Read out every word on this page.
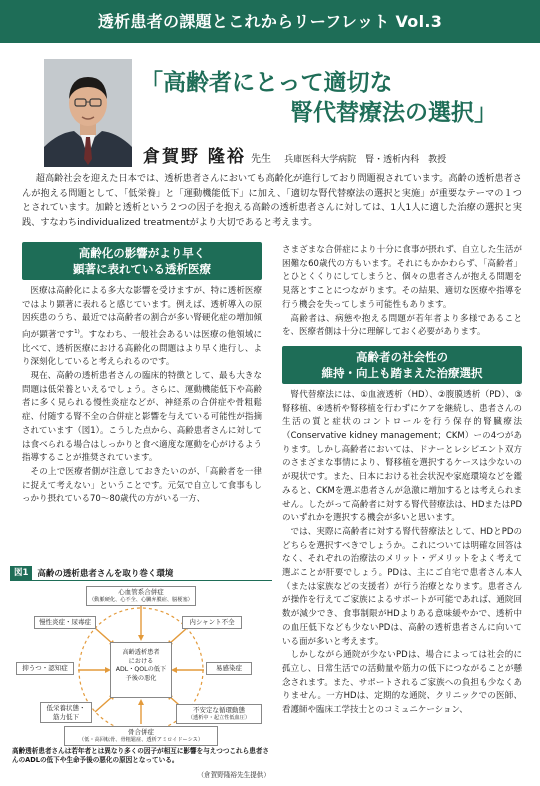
透析患者の課題とこれからリーフレット Vol.3
「高齢者にとって適切な
腎代替療法の選択」
倉賀野 隆裕 先生 兵庫医科大学病院　腎・透析内科　教授

超高齢社会を迎えた日本では、透析患者さんにおいても高齢化が進行しており問題視されています。高齢の透析患者さんが抱える問題として、「低栄養」と「運動機能低下」に加え、「適切な腎代替療法の選択と実施」が重要なテーマの１つとされています。加齢と透析という２つの因子を抱える高齢の透析患者さんに対しては、1人1人に適した治療の選択と実践、すなわちindividualized treatmentがより大切であると考えます。

高齢化の影響がより早く
顕著に表れている透析医療

医療は高齢化による多大な影響を受けますが、特に透析医療ではより顕著に表れると感じています。例えば、透析導入の原因疾患のうち、最近では高齢者の割合が多い腎硬化症の増加傾向が顕著です$^{1)}$。すなわち、一般社会あるいは医療の他領域に比べて、透析医療における高齢化の問題はより早く進行し、より深刻化していると考えられるのです。

現在、高齢の透析患者さんの臨床的特徴として、最も大きな問題は低栄養といえるでしょう。さらに、運動機能低下や高齢者に多く見られる慢性炎症などが、神経系の合併症や骨粗鬆症、付随する腎不全の合併症と影響を与えている可能性が指摘されています（図1）。こうした点から、高齢患者さんに対しては食べられる場合はしっかりと食べ適度な運動を心がけるよう指導することが推奨されています。

その上で医療者側が注意しておきたいのが、「高齢者を一律に捉えて考えない」ということです。元気で自立して食事もしっかり摂れている70〜80歳代の方がいる一方、

図1	高齢の透析患者さんを取り巻く環境
心血管系合併症
（動脈硬化、心不全、心臓弁膜症、脳梗塞）
慢性炎症・尿毒症	内シャント不全
抑うつ・認知症	易感染症
低栄養状態・
筋力低下
不安定な循環動態
（透析中・起立性低血圧）
骨合併症
（低・高回転骨、骨粗鬆症、透析アミロイドーシス）
高齢透析患者
における
ADL・QOLの低下
予後の悪化
高齢透析患者さんは若年者とは異なり多くの因子が相互に影響を与えつつこれら患者さんのADLの低下や生命予後の悪化の原因となっている。
（倉賀野隆裕先生提供）

さまざまな合併症により十分に食事が摂れず、自立した生活が困難な60歳代の方もいます。それにもかかわらず、「高齢者」とひとくくりにしてしまうと、個々の患者さんが抱える問題を見落とすことにつながります。その結果、適切な医療や指導を行う機会を失ってしまう可能性もあります。

高齢者は、病態や抱える問題が若年者より多様であることを、医療者側は十分に理解しておく必要があります。

高齢者の社会性の
維持・向上も踏まえた治療選択

腎代替療法には、①血液透析（HD）、②腹膜透析（PD）、③腎移植、④透析や腎移植を行わずにケアを継続し、患者さんの生活の質と症状のコントロールを行う保存的腎臓療法（Conservative kidney management；CKM）ーの4つがあります。しかし高齢者においては、ドナーとレシピエント双方のさまざまな事情により、腎移植を選択するケースは少ないのが現状です。また、日本における社会状況や家庭環境などを鑑みると、CKMを選ぶ患者さんが急激に増加するとは考えられません。したがって高齢者に対する腎代替療法は、HDまたはPDのいずれかを選択する機会が多いと思います。

では、実際に高齢者に対する腎代替療法として、HDとPDのどちらを選択すべきでしょうか。これについては明確な回答はなく、それぞれの治療法のメリット・デメリットをよく考えて選ぶことが肝要でしょう。PDは、主にご自宅で患者さん本人（または家族などの支援者）が行う治療となります。患者さんが操作を行えてご家族によるサポートが可能であれば、通院回数が減少でき、食事制限がHDよりある意味緩やかで、透析中の血圧低下なども少ないPDは、高齢の透析患者さんに向いている面が多いと考えます。

しかしながら通院が少ないPDは、場合によっては社会的に孤立し、日常生活での活動量や筋力の低下につながることが懸念されます。また、サポートされるご家族への負担も少なくありません。一方HDは、定期的な通院、クリニックでの医師、看護師や臨床工学技士とのコミュニケーション、
